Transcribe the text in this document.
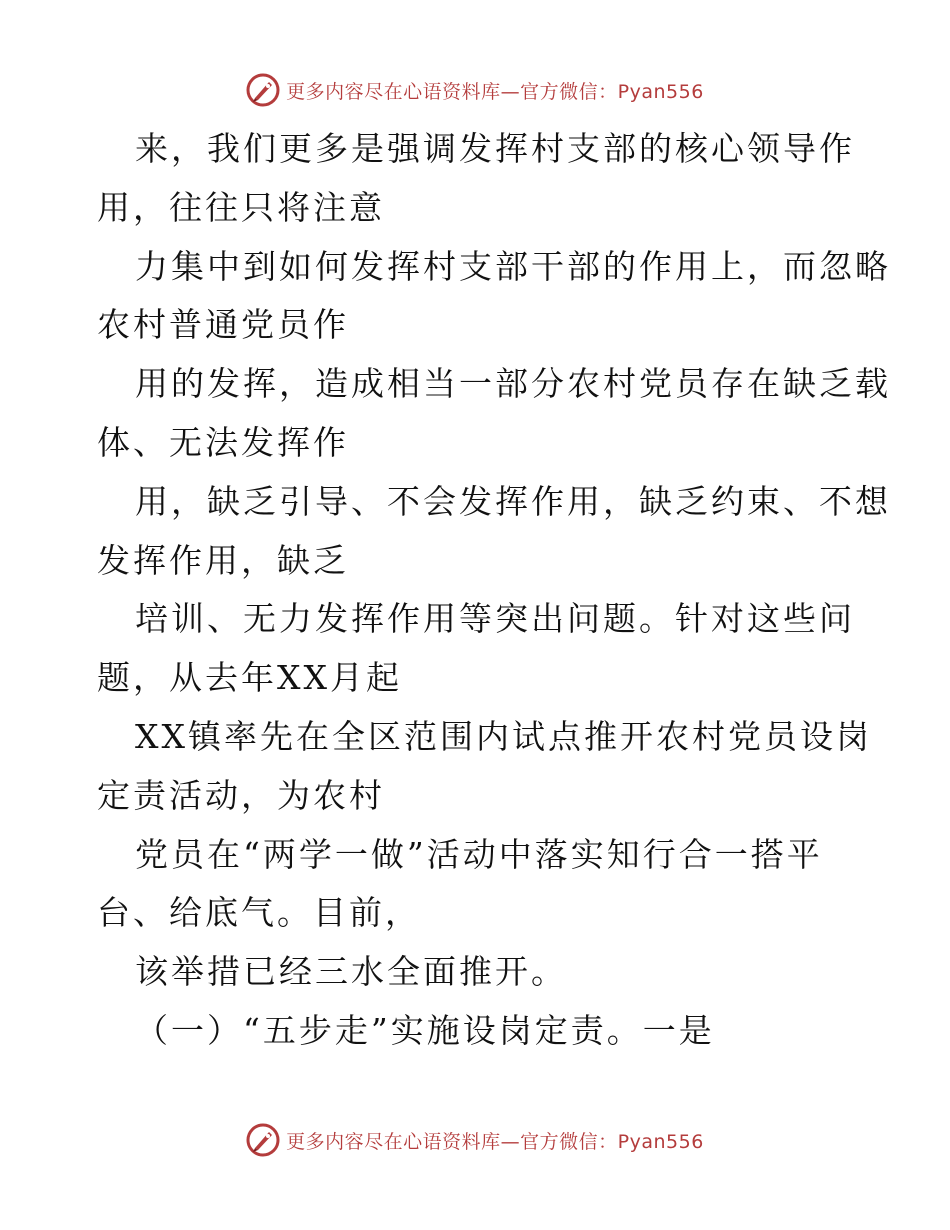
更多内容尽在心语资料库—官方微信：Pyan556
来，我们更多是强调发挥村支部的核心领导作
用，往往只将注意
力集中到如何发挥村支部干部的作用上，而忽略
农村普通党员作
用的发挥，造成相当一部分农村党员存在缺乏载
体、无法发挥作
用，缺乏引导、不会发挥作用，缺乏约束、不想
发挥作用，缺乏
培训、无力发挥作用等突出问题。针对这些问
题，从去年XX月起
XX镇率先在全区范围内试点推开农村党员设岗
定责活动，为农村
党员在“两学一做”活动中落实知行合一搭平
台、给底气。目前，
该举措已经三水全面推开。
（一）“五步走”实施设岗定责。一是
更多内容尽在心语资料库—官方微信：Pyan556
